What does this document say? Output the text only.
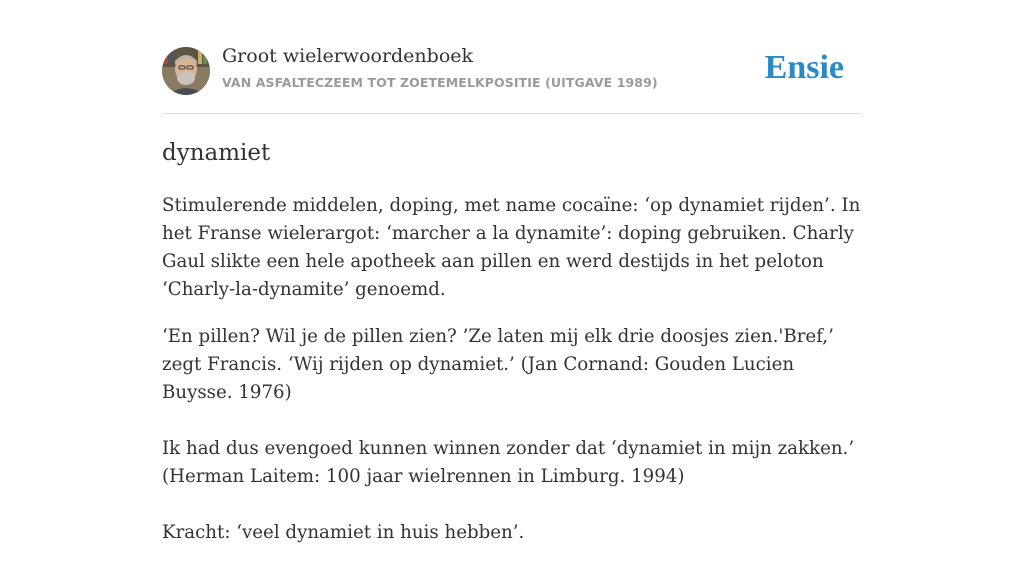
Groot wielerwoordenboek
VAN ASFALTECZEEM TOT ZOETEMELKPOSITIE (UITGAVE 1989)	Ensie
dynamiet

Stimulerende middelen, doping, met name cocaïne: ‘op dynamiet rijden’. In het Franse wielerargot: ‘marcher a la dynamite’: doping gebruiken. Charly Gaul slikte een hele apotheek aan pillen en werd destijds in het peloton ‘Charly-la-dynamite’ genoemd.

‘En pillen? Wil je de pillen zien? ’Ze laten mij elk drie doosjes zien.'Bref,’ zegt Francis. ‘Wij rijden op dynamiet.’ (Jan Cornand: Gouden Lucien Buysse. 1976)

Ik had dus evengoed kunnen winnen zonder dat ‘dynamiet in mijn zakken.’ (Herman Laitem: 100 jaar wielrennen in Limburg. 1994)

Kracht: ‘veel dynamiet in huis hebben’.
